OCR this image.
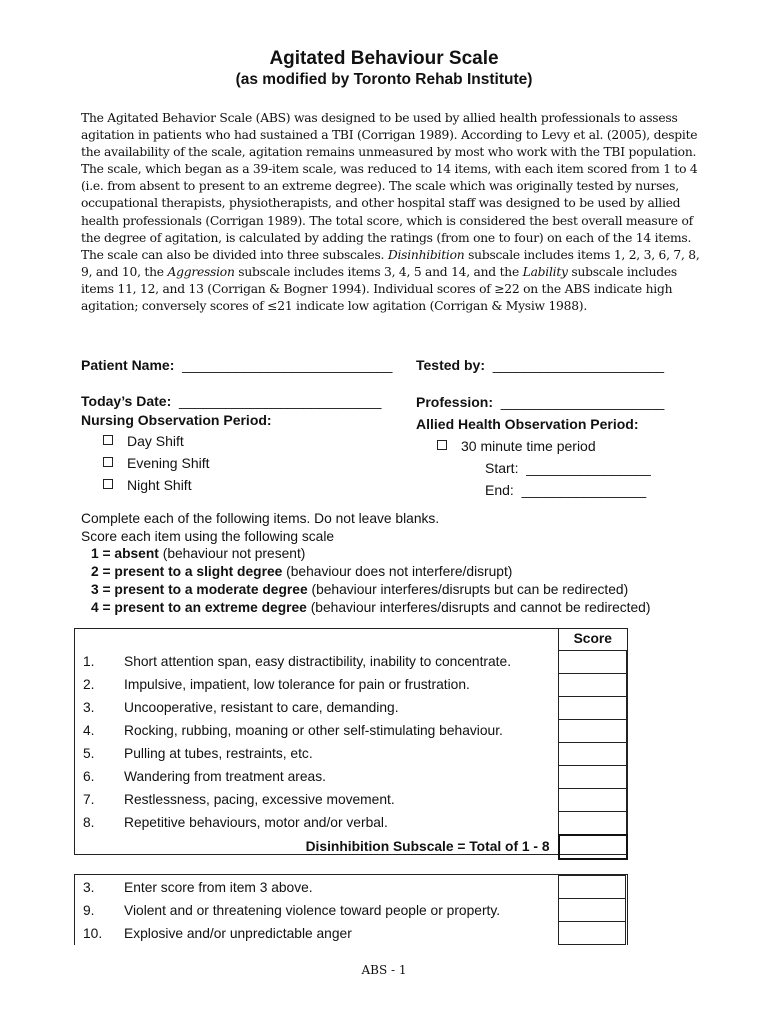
Agitated Behaviour Scale
(as modified by Toronto Rehab Institute)
The Agitated Behavior Scale (ABS) was designed to be used by allied health professionals to assess agitation in patients who had sustained a TBI (Corrigan 1989). According to Levy et al. (2005), despite the availability of the scale, agitation remains unmeasured by most who work with the TBI population. The scale, which began as a 39-item scale, was reduced to 14 items, with each item scored from 1 to 4 (i.e. from absent to present to an extreme degree). The scale which was originally tested by nurses, occupational therapists, physiotherapists, and other hospital staff was designed to be used by allied health professionals (Corrigan 1989). The total score, which is considered the best overall measure of the degree of agitation, is calculated by adding the ratings (from one to four) on each of the 14 items. The scale can also be divided into three subscales. Disinhibition subscale includes items 1, 2, 3, 6, 7, 8, 9, and 10, the Aggression subscale includes items 3, 4, 5 and 14, and the Lability subscale includes items 11, 12, and 13 (Corrigan & Bogner 1994). Individual scores of ≥22 on the ABS indicate high agitation; conversely scores of ≤21 indicate low agitation (Corrigan & Mysiw 1988).
Patient Name: ___________________________ Tested by: ______________________
Today’s Date: __________________________ Profession: _____________________
Nursing Observation Period:	Allied Health Observation Period:
Day Shift
Evening Shift
Night Shift
30 minute time period
Start: ________________
End: ________________
Complete each of the following items. Do not leave blanks.
Score each item using the following scale
1 = absent (behaviour not present)
2 = present to a slight degree (behaviour does not interfere/disrupt)
3 = present to a moderate degree (behaviour interferes/disrupts but can be redirected)
4 = present to an extreme degree (behaviour interferes/disrupts and cannot be redirected)
		Score
1.	Short attention span, easy distractibility, inability to concentrate.	
2.	Impulsive, impatient, low tolerance for pain or frustration.	
3.	Uncooperative, resistant to care, demanding.	
4.	Rocking, rubbing, moaning or other self-stimulating behaviour.	
5.	Pulling at tubes, restraints, etc.	
6.	Wandering from treatment areas.	
7.	Restlessness, pacing, excessive movement.	
8.	Repetitive behaviours, motor and/or verbal.	
Disinhibition Subscale = Total of 1 - 8		
3.	Enter score from item 3 above.	
9.	Violent and or threatening violence toward people or property.	
10.	Explosive and/or unpredictable anger	
ABS - 1
